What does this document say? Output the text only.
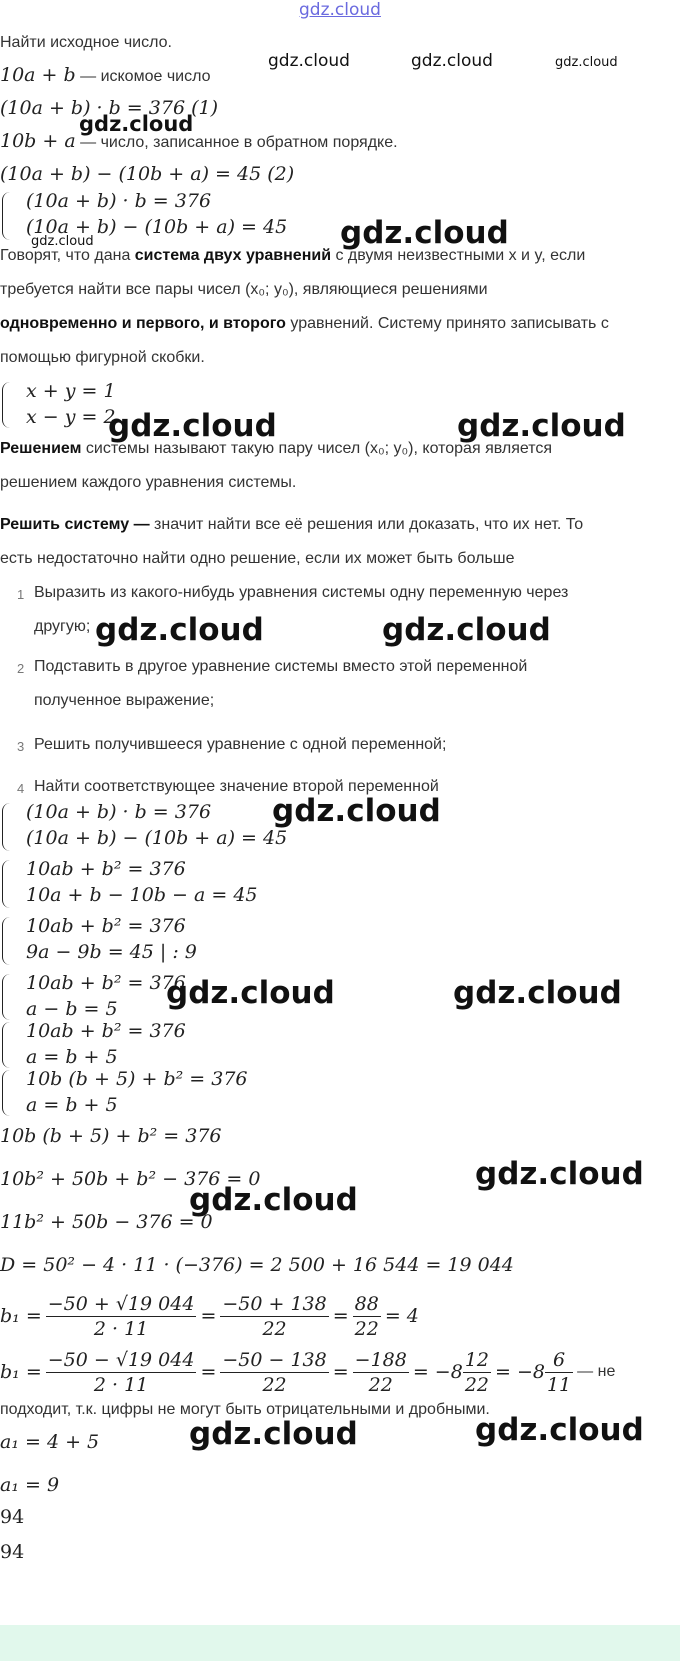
gdz.cloud
Найти исходное число.
10a + b — искомое число
(10a + b) · b = 376 (1)
10b + a — число, записанное в обратном порядке.
(10a + b) − (10b + a) = 45 (2)
(10a + b) · b = 376
(10a + b) − (10b + a) = 45
Говорят, что дана система двух уравнений с двумя неизвестными x и y, если
требуется найти все пары чисел (x₀; y₀), являющиеся решениями
одновременно и первого, и второго уравнений. Систему принято записывать с
помощью фигурной скобки.
x + y = 1
x − y = 2
Решением системы называют такую пару чисел (x₀; y₀), которая является
решением каждого уравнения системы.
Решить систему — значит найти все её решения или доказать, что их нет. То
есть недостаточно найти одно решение, если их может быть больше
1 Выразить из какого-нибудь уравнения системы одну переменную через
другую;
2 Подставить в другое уравнение системы вместо этой переменной
полученное выражение;
3 Решить получившееся уравнение с одной переменной;
4 Найти соответствующее значение второй переменной
(10a + b) · b = 376
(10a + b) − (10b + a) = 45
10ab + b² = 376
10a + b − 10b − a = 45
10ab + b² = 376
9a − 9b = 45 | : 9
10ab + b² = 376
a − b = 5
10ab + b² = 376
a = b + 5
10b (b + 5) + b² = 376
a = b + 5
10b (b + 5) + b² = 376
10b² + 50b + b² − 376 = 0
11b² + 50b − 376 = 0
D = 50² − 4 · 11 · (−376) = 2 500 + 16 544 = 19 044
$b_1 = \frac{-50 + √19 044}{2 \cdot 11} = \frac{-50 + 138}{22} = \frac{88}{22} = 4$
$b_1 = \frac{-50 - √19 044}{2 \cdot 11} = \frac{-50 - 138}{22} = \frac{-188}{22} = -8 \frac{12}{22} = -8 \frac{6}{11}$ — не
подходит, т.к. цифры не могут быть отрицательными и дробными.
a₁ = 4 + 5
a₁ = 9
94
94
gdz.cloud	gdz.cloud	gdz.cloud
gdz.cloud
gdz.cloud	gdz.cloud
gdz.cloud	gdz.cloud
gdz.cloud	gdz.cloud
gdz.cloud
gdz.cloud	gdz.cloud
gdz.cloud
gdz.cloud
gdz.cloud	gdz.cloud
